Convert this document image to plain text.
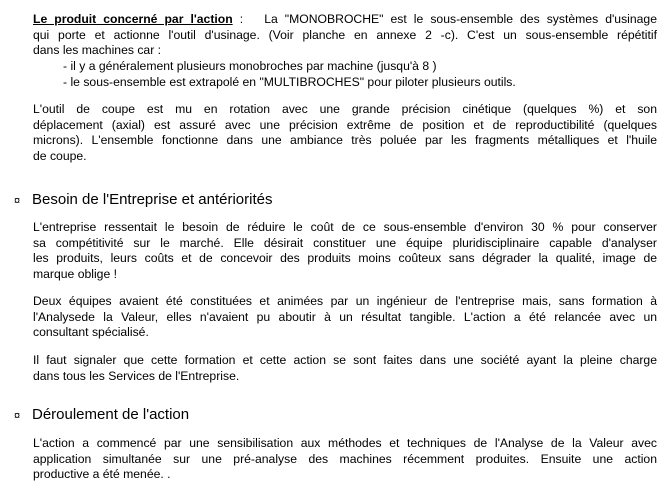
Le produit concerné par l'action : La "MONOBROCHE" est le sous-ensemble des systèmes d'usinage
qui porte et actionne l'outil d'usinage. (Voir planche en annexe 2 -c). C'est un sous-ensemble répétitif
dans les machines car :

- il y a généralement plusieurs monobroches par machine (jusqu'à 8 )

- le sous-ensemble est extrapolé en "MULTIBROCHES" pour piloter plusieurs outils.

L'outil de coupe est mu en rotation avec une grande précision cinétique (quelques %) et son
déplacement (axial) est assuré avec une précision extrême de position et de reproductibilité (quelques
microns). L'ensemble fonctionne dans une ambiance très poluée par les fragments métalliques et l'huile
de coupe.

¤ Besoin de l'Entreprise et antériorités

L'entreprise ressentait le besoin de réduire le coût de ce sous-ensemble d'environ 30 % pour conserver
sa compétitivité sur le marché. Elle désirait constituer une équipe pluridisciplinaire capable d'analyser
les produits, leurs coûts et de concevoir des produits moins coûteux sans dégrader la qualité, image de
marque oblige !
Deux équipes avaient été constituées et animées par un ingénieur de l'entreprise mais, sans formation à
l'Analysede la Valeur, elles n'avaient pu aboutir à un résultat tangible. L'action a été relancée avec un
consultant spécialisé.
Il faut signaler que cette formation et cette action se sont faites dans une société ayant la pleine charge
dans tous les Services de l'Entreprise.

¤ Déroulement de l'action

L'action a commencé par une sensibilisation aux méthodes et techniques de l'Analyse de la Valeur avec
application simultanée sur une pré-analyse des machines récemment produites. Ensuite une action
productive a été menée. .
